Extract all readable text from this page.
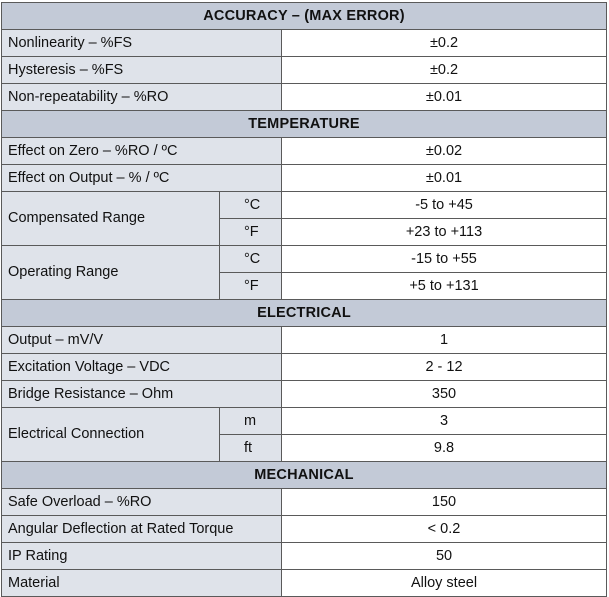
ACCURACY – (MAX ERROR)		
Nonlinearity – %FS		±0.2
Hysteresis – %FS		±0.2
Non-repeatability – %RO		±0.01
TEMPERATURE		
Effect on Zero – %RO / ºC		±0.02
Effect on Output – % / ºC		±0.01
Compensated Range	°C	-5 to +45
	°F	+23 to +113
Operating Range	°C	-15 to +55
	°F	+5 to +131
ELECTRICAL		
Output – mV/V		1
Excitation Voltage – VDC		2 - 12
Bridge Resistance – Ohm		350
Electrical Connection	m	3
	ft	9.8
MECHANICAL		
Safe Overload – %RO		150
Angular Deflection at Rated Torque		< 0.2
IP Rating		50
Material		Alloy steel
